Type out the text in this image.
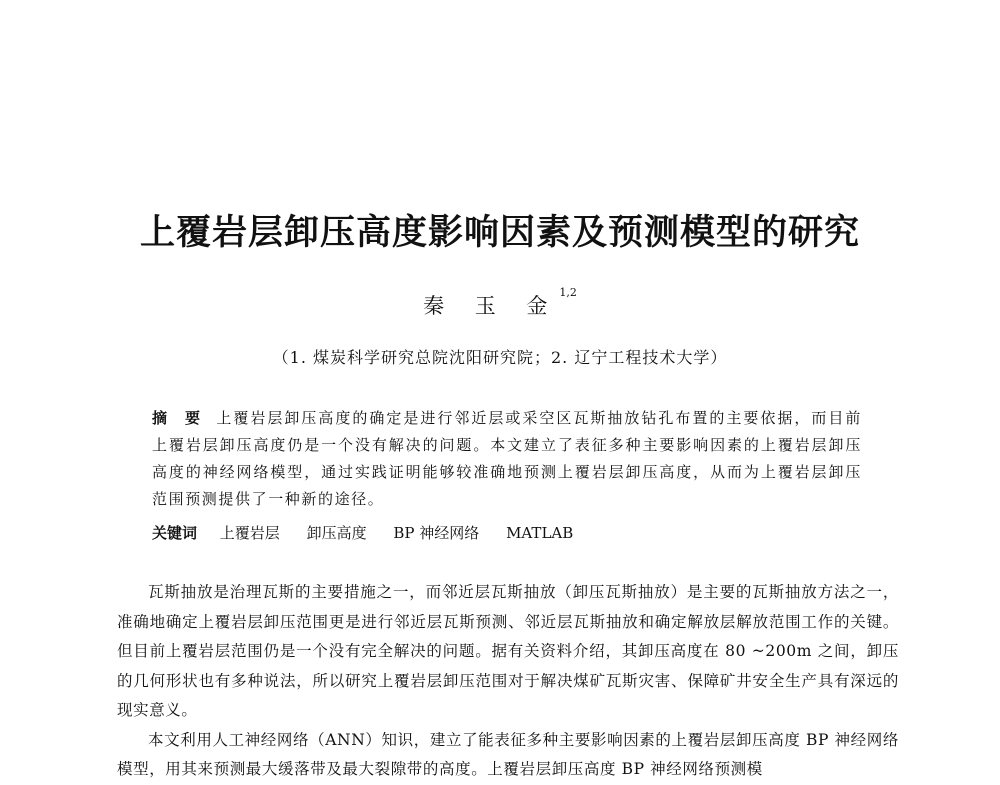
上覆岩层卸压高度影响因素及预测模型的研究
秦 玉 金$^{1,2}$
（1. 煤炭科学研究总院沈阳研究院；2. 辽宁工程技术大学）

摘 要 上覆岩层卸压高度的确定是进行邻近层或采空区瓦斯抽放钻孔布置的主要依据，而目前上覆岩层卸压高度仍是一个没有解决的问题。本文建立了表征多种主要影响因素的上覆岩层卸压高度的神经网络模型，通过实践证明能够较准确地预测上覆岩层卸压高度，从而为上覆岩层卸压范围预测提供了一种新的途径。

关键词 上覆岩层 卸压高度 BP 神经网络 MATLAB

瓦斯抽放是治理瓦斯的主要措施之一，而邻近层瓦斯抽放（卸压瓦斯抽放）是主要的瓦斯抽放方法之一，准确地确定上覆岩层卸压范围更是进行邻近层瓦斯预测、邻近层瓦斯抽放和确定解放层解放范围工作的关键。但目前上覆岩层范围仍是一个没有完全解决的问题。据有关资料介绍，其卸压高度在 80 ~200m 之间，卸压的几何形状也有多种说法，所以研究上覆岩层卸压范围对于解决煤矿瓦斯灾害、保障矿井安全生产具有深远的现实意义。

本文利用人工神经网络（ANN）知识，建立了能表征多种主要影响因素的上覆岩层卸压高度 BP 神经网络模型，用其来预测最大缓落带及最大裂隙带的高度。上覆岩层卸压高度 BP 神经网络预测模
